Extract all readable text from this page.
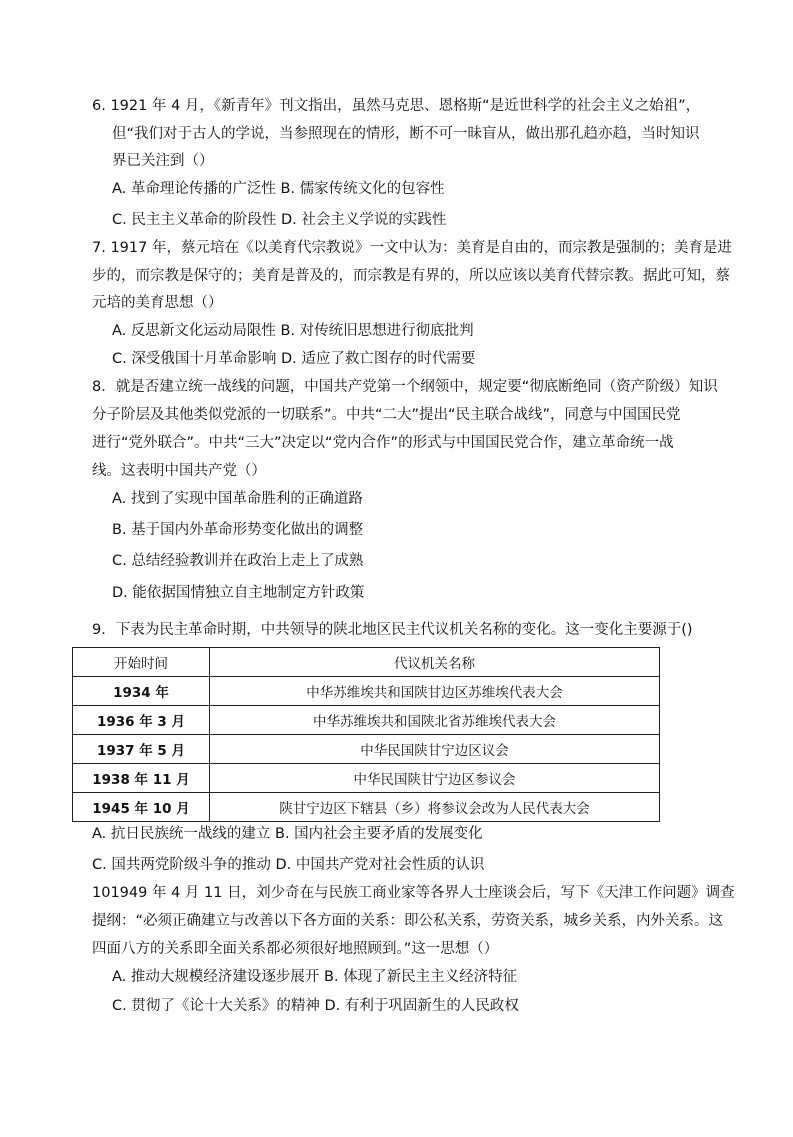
6. 1921 年 4 月，《新青年》刊文指出，虽然马克思、恩格斯“是近世科学的社会主义之始祖”，
但“我们对于古人的学说，当参照现在的情形，断不可一昧盲从，做出那孔趋亦趋，当时知识
界已关注到（）
A. 革命理论传播的广泛性 B. 儒家传统文化的包容性
C. 民主主义革命的阶段性 D. 社会主义学说的实践性
7. 1917 年，蔡元培在《以美育代宗教说》一文中认为：美育是自由的，而宗教是强制的；美育是进
步的，而宗教是保守的；美育是普及的，而宗教是有界的，所以应该以美育代替宗教。据此可知，蔡
元培的美育思想（）
A. 反思新文化运动局限性 B. 对传统旧思想进行彻底批判
C. 深受俄国十月革命影响 D. 适应了救亡图存的时代需要
8．就是否建立统一战线的问题，中国共产党第一个纲领中，规定要“彻底断绝同（资产阶级）知识
分子阶层及其他类似党派的一切联系”。中共“二大”提出“民主联合战线”，同意与中国国民党
进行“党外联合”。中共“三大”决定以“党内合作”的形式与中国国民党合作，建立革命统一战
线。这表明中国共产党（）
A. 找到了实现中国革命胜利的正确道路
B. 基于国内外革命形势变化做出的调整
C. 总结经验教训并在政治上走上了成熟
D. 能依据国情独立自主地制定方针政策
9．下表为民主革命时期，中共领导的陕北地区民主代议机关名称的变化。这一变化主要源于()
开始时间	代议机关名称
1934 年	中华苏维埃共和国陕甘边区苏维埃代表大会
1936 年 3 月	中华苏维埃共和国陕北省苏维埃代表大会
1937 年 5 月	中华民国陕甘宁边区议会
1938 年 11 月	中华民国陕甘宁边区参议会
1945 年 10 月	陕甘宁边区下辖县（乡）将参议会改为人民代表大会
A. 抗日民族统一战线的建立 B. 国内社会主要矛盾的发展变化
C. 国共两党阶级斗争的推动 D. 中国共产党对社会性质的认识
101949 年 4 月 11 日，刘少奇在与民族工商业家等各界人士座谈会后，写下《天津工作问题》调查
提纲：“必须正确建立与改善以下各方面的关系：即公私关系，劳资关系，城乡关系，内外关系。这
四面八方的关系即全面关系都必须很好地照顾到。”这一思想（）
A. 推动大规模经济建设逐步展开 B. 体现了新民主主义经济特征
C. 贯彻了《论十大关系》的精神 D. 有利于巩固新生的人民政权
